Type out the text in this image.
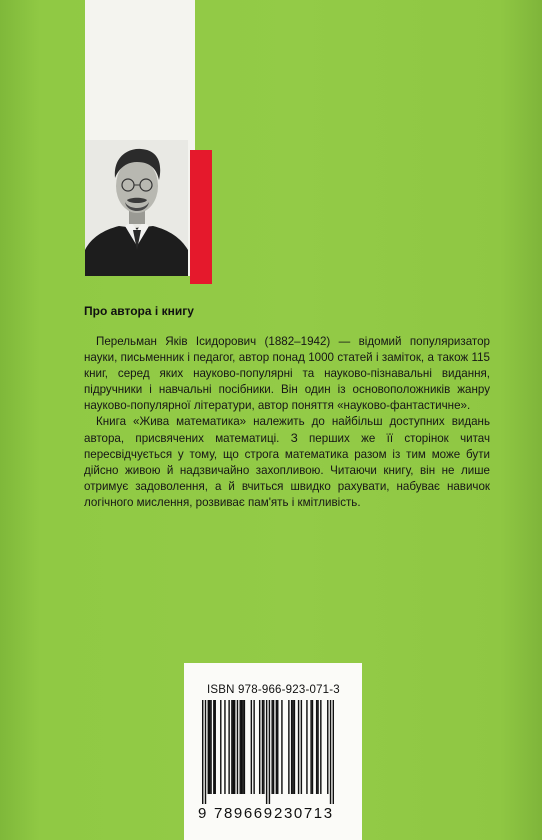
Про автора і книгу

Перельман Яків Ісидорович (1882–1942) — відомий популяризатор науки, письменник і педагог, автор понад 1000 статей і заміток, а також 115 книг, серед яких науково-популярні та науково-пізнавальні видання, підручники і навчальні посібники. Він один із основоположників жанру науково-популярної літератури, автор поняття «науково-фантастичне».

Книга «Жива математика» належить до найбільш доступних видань автора, присвячених математиці. З перших же її сторінок читач пересвідчується у тому, що строга математика разом із тим може бути дійсно живою й надзвичайно захопливою. Читаючи книгу, він не лише отримує задоволення, а й вчиться швидко рахувати, набуває навичок логічного мислення, розвиває пам'ять і кмітливість.

ISBN 978-966-923-071-3
9 789669 230713
